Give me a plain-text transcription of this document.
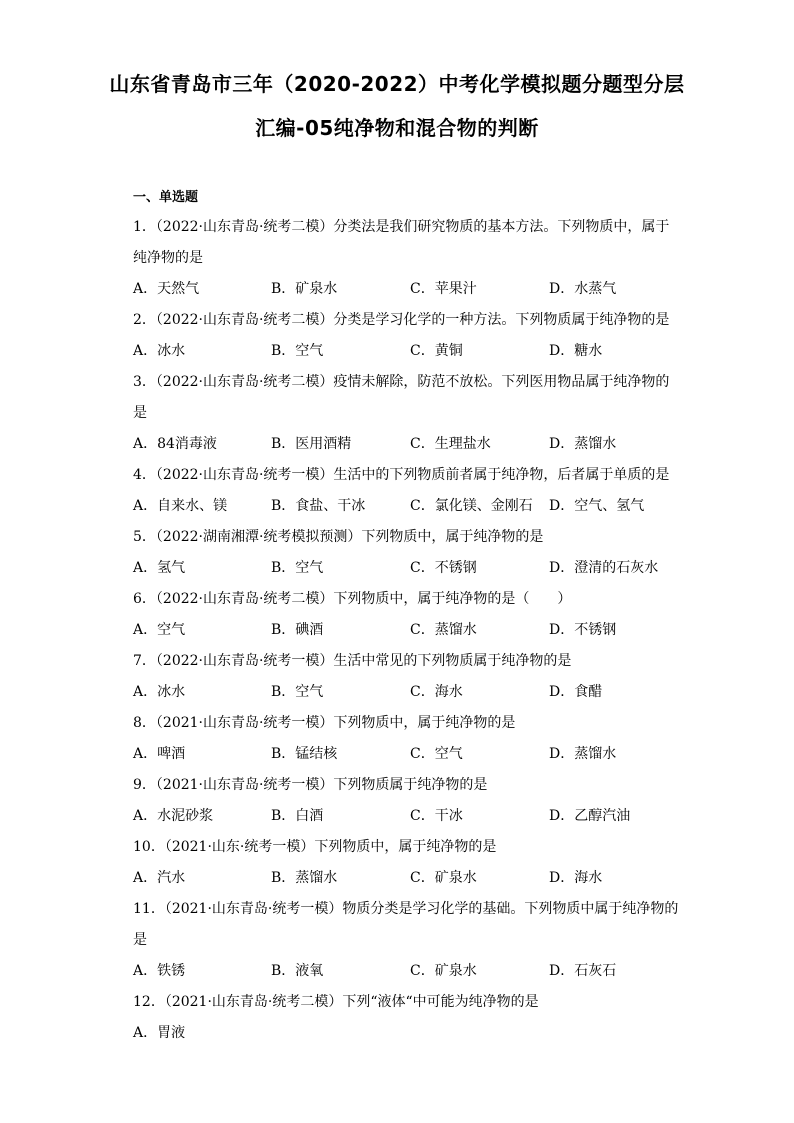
山东省青岛市三年（2020-2022）中考化学模拟题分题型分层
汇编-05纯净物和混合物的判断
一、单选题
1．（2022·山东青岛·统考二模）分类法是我们研究物质的基本方法。下列物质中，属于
纯净物的是
A．天然气	B．矿泉水	C．苹果汁	D．水蒸气
2．（2022·山东青岛·统考二模）分类是学习化学的一种方法。下列物质属于纯净物的是
A．冰水	B．空气	C．黄铜	D．糖水
3．（2022·山东青岛·统考二模）疫情未解除，防范不放松。下列医用物品属于纯净物的
是
A．84消毒液	B．医用酒精	C．生理盐水	D．蒸馏水
4．（2022·山东青岛·统考一模）生活中的下列物质前者属于纯净物，后者属于单质的是
A．自来水、镁	B．食盐、干冰	C．氯化镁、金刚石 D．空气、氢气
5．（2022·湖南湘潭·统考模拟预测）下列物质中，属于纯净物的是
A．氢气	B．空气	C．不锈钢	D．澄清的石灰水
6．（2022·山东青岛·统考二模）下列物质中，属于纯净物的是（　　）
A．空气	B．碘酒	C．蒸馏水	D．不锈钢
7．（2022·山东青岛·统考一模）生活中常见的下列物质属于纯净物的是
A．冰水	B．空气	C．海水	D．食醋
8．（2021·山东青岛·统考一模）下列物质中，属于纯净物的是
A．啤酒	B．锰结核	C．空气	D．蒸馏水
9．（2021·山东青岛·统考一模）下列物质属于纯净物的是
A．水泥砂浆	B．白酒	C．干冰	D．乙醇汽油
10．（2021·山东·统考一模）下列物质中，属于纯净物的是
A．汽水	B．蒸馏水	C．矿泉水	D．海水
11．（2021·山东青岛·统考一模）物质分类是学习化学的基础。下列物质中属于纯净物的
是
A．铁锈	B．液氧	C．矿泉水	D．石灰石
12．（2021·山东青岛·统考二模）下列“液体“中可能为纯净物的是
A．胃液
